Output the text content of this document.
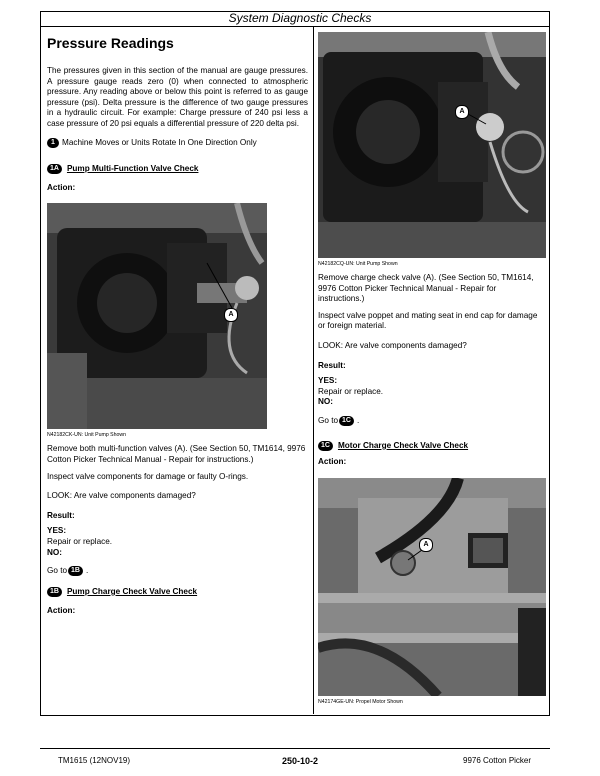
System Diagnostic Checks
Pressure Readings

The pressures given in this section of the manual are gauge pressures. A pressure gauge reads zero (0) when connected to atmospheric pressure. Any reading above or below this point is referred to as gauge pressure (psi). Delta pressure is the difference of two gauge pressures in a hydraulic circuit. For example: Charge pressure of 240 psi less a case pressure of 20 psi equals a differential pressure of 220 delta psi.

1 Machine Moves or Units Rotate In One Direction Only
1A Pump Multi-Function Valve Check

Action:

A

N42182CK-UN: Unit Pump Shown

Remove both multi-function valves (A). (See Section 50, TM1614, 9976 Cotton Picker Technical Manual - Repair for instructions.)

Inspect valve components for damage or faulty O-rings.

LOOK: Are valve components damaged?

Result:

YES:

Repair or replace.

NO:

Go to 1B .
1B Pump Charge Check Valve Check

Action:

A

N42182CQ-UN: Unit Pump Shown

Remove charge check valve (A). (See Section 50, TM1614, 9976 Cotton Picker Technical Manual - Repair for instructions.)

Inspect valve poppet and mating seat in end cap for damage or foreign material.

LOOK: Are valve components damaged?

Result:

YES:

Repair or replace.

NO:

Go to 1C .
1C Motor Charge Check Valve Check

Action:

A

N42174GE-UN: Propel Motor Shown

TM1615 (12NOV19)	250-10-2	9976 Cotton Picker
